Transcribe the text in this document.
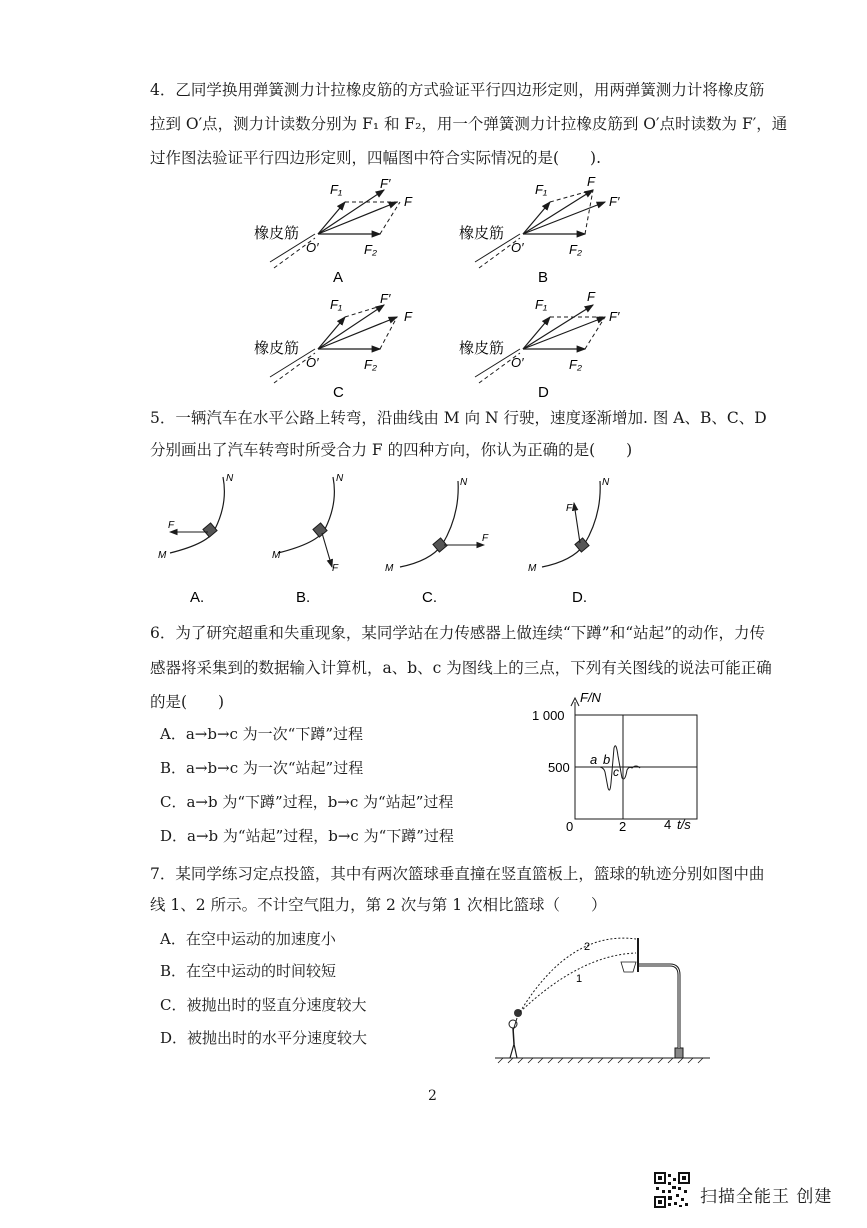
4．乙同学换用弹簧测力计拉橡皮筋的方式验证平行四边形定则，用两弹簧测力计将橡皮筋
拉到 O′点，测力计读数分别为 F₁ 和 F₂，用一个弹簧测力计拉橡皮筋到 O′点时读数为 F′，通
过作图法验证平行四边形定则，四幅图中符合实际情况的是(　　).
橡皮筋
O′
F₁	F′
F
F₂
A
橡皮筋
O′
F₁
F
F′
F₂
B
橡皮筋
O′
F₁	F′
F
F₂
C
橡皮筋
O′
F₁
F
F′
F₂
D
5．一辆汽车在水平公路上转弯，沿曲线由 M 向 N 行驶，速度逐渐增加. 图 A、B、C、D
分别画出了汽车转弯时所受合力 F 的四种方向，你认为正确的是(　　)
F
M
N
A.
F
M
N
B.
F
M
N
C.
F
M
N
D.
6．为了研究超重和失重现象，某同学站在力传感器上做连续“下蹲”和“站起”的动作，力传
感器将采集到的数据输入计算机，a、b、c 为图线上的三点，下列有关图线的说法可能正确
的是(　　)
A．a→b→c 为一次“下蹲”过程
B．a→b→c 为一次“站起”过程
C．a→b 为“下蹲”过程，b→c 为“站起”过程
D．a→b 为“站起”过程，b→c 为“下蹲”过程
F/N
t/s
1 000
500
0	2	4
a b
c
7．某同学练习定点投篮，其中有两次篮球垂直撞在竖直篮板上，篮球的轨迹分别如图中曲
线 1、2 所示。不计空气阻力，第 2 次与第 1 次相比篮球（　　）
A．在空中运动的加速度小
B．在空中运动的时间较短
C．被抛出时的竖直分速度较大
D．被抛出时的水平分速度较大
2
1
2
扫描全能王 创建
